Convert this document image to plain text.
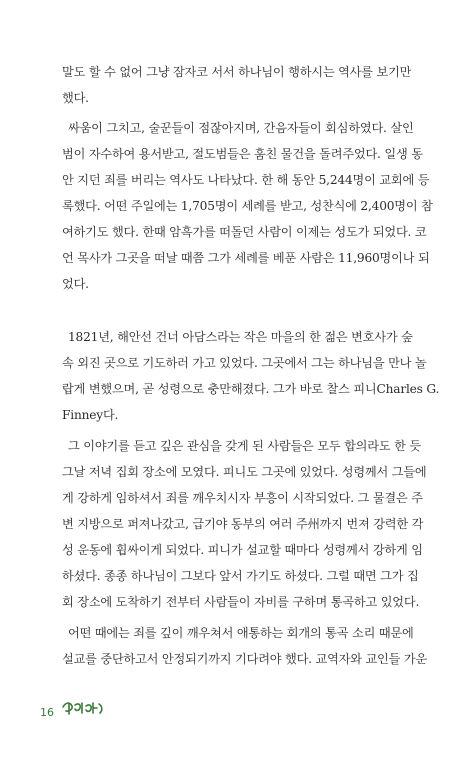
말도 할 수 없어 그냥 잠자코 서서 하나님이 행하시는 역사를 보기만
했다.
싸움이 그치고, 술꾼들이 점잖아지며, 간음자들이 회심하였다. 살인
범이 자수하여 용서받고, 절도범들은 훔친 물건을 돌려주었다. 일생 동
안 지던 죄를 버리는 역사도 나타났다. 한 해 동안 5,244명이 교회에 등
록했다. 어떤 주일에는 1,705명이 세례를 받고, 성찬식에 2,400명이 참
여하기도 했다. 한때 암흑가를 떠돌던 사람이 이제는 성도가 되었다. 코
언 목사가 그곳을 떠날 때쯤 그가 세례를 베푼 사람은 11,960명이나 되
었다.
1821년, 해안선 건너 아담스라는 작은 마을의 한 젊은 변호사가 숲
속 외진 곳으로 기도하러 가고 있었다. 그곳에서 그는 하나님을 만나 놀
랍게 변했으며, 곧 성령으로 충만해졌다. 그가 바로 찰스 피니Charles G.
Finney다.
그 이야기를 듣고 깊은 관심을 갖게 된 사람들은 모두 합의라도 한 듯
그날 저녁 집회 장소에 모였다. 피니도 그곳에 있었다. 성령께서 그들에
게 강하게 임하셔서 죄를 깨우치시자 부흥이 시작되었다. 그 물결은 주
변 지방으로 퍼져나갔고, 급기야 동부의 여러 주州까지 번져 강력한 각
성 운동에 휩싸이게 되었다. 피니가 설교할 때마다 성령께서 강하게 임
하셨다. 종종 하나님이 그보다 앞서 가기도 하셨다. 그럴 때면 그가 집
회 장소에 도착하기 전부터 사람들이 자비를 구하며 통곡하고 있었다.
어떤 때에는 죄를 깊이 깨우쳐서 애통하는 회개의 통곡 소리 때문에
설교를 중단하고서 안정되기까지 기다려야 했다. 교역자와 교인들 가운
16
